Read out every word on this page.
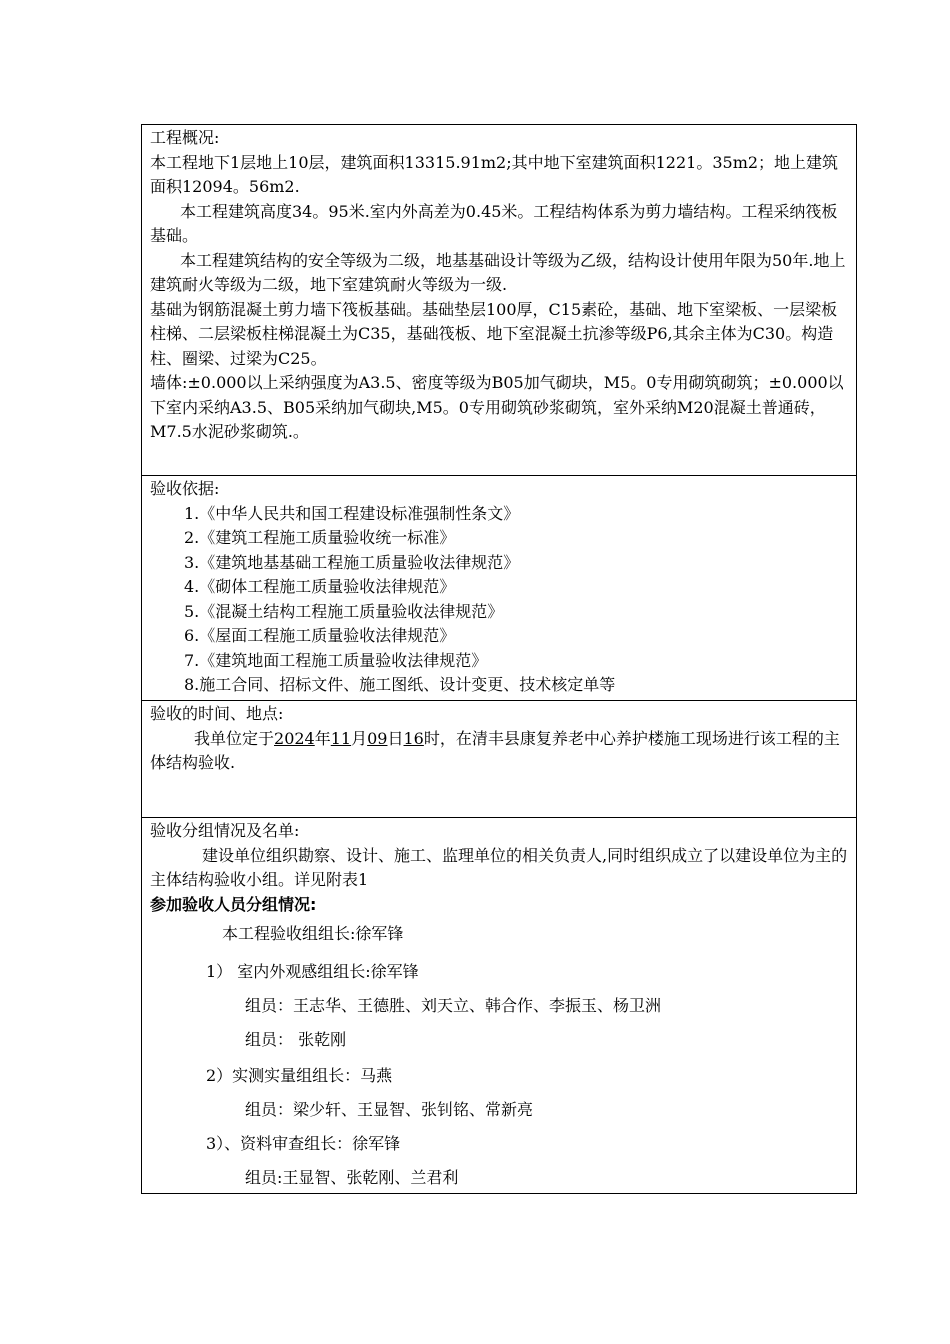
工程概况:

本工程地下1层地上10层，建筑面积13315.91m2;其中地下室建筑面积1221。35m2；地上建筑面积12094。56m2.

本工程建筑高度34。95米.室内外高差为0.45米。工程结构体系为剪力墙结构。工程采纳筏板基础。

本工程建筑结构的安全等级为二级，地基基础设计等级为乙级，结构设计使用年限为50年.地上建筑耐火等级为二级，地下室建筑耐火等级为一级.

基础为钢筋混凝土剪力墙下筏板基础。基础垫层100厚，C15素砼，基础、地下室梁板、一层梁板柱梯、二层梁板柱梯混凝土为C35，基础筏板、地下室混凝土抗渗等级P6,其余主体为C30。构造柱、圈梁、过梁为C25。

墙体:±0.000以上采纳强度为A3.5、密度等级为B05加气砌块，M5。0专用砌筑砌筑；±0.000以下室内采纳A3.5、B05采纳加气砌块,M5。0专用砌筑砂浆砌筑，室外采纳M20混凝土普通砖，M7.5水泥砂浆砌筑.。

验收依据:

1.《中华人民共和国工程建设标准强制性条文》

2.《建筑工程施工质量验收统一标准》

3.《建筑地基基础工程施工质量验收法律规范》

4.《砌体工程施工质量验收法律规范》

5.《混凝土结构工程施工质量验收法律规范》

6.《屋面工程施工质量验收法律规范》

7.《建筑地面工程施工质量验收法律规范》

8.施工合同、招标文件、施工图纸、设计变更、技术核定单等

验收的时间、地点:

我单位定于2024年11月09日16时，在清丰县康复养老中心养护楼施工现场进行该工程的主体结构验收.

验收分组情况及名单:

建设单位组织勘察、设计、施工、监理单位的相关负责人,同时组织成立了以建设单位为主的主体结构验收小组。详见附表1

参加验收人员分组情况:

本工程验收组组长:徐军锋
1） 室内外观感组组长:徐军锋
组员：王志华、王德胜、刘天立、韩合作、李振玉、杨卫洲
组员： 张乾刚
2）实测实量组组长：马燕
组员：梁少轩、王显智、张钊铭、常新亮
3）、资料审查组长：徐军锋
组员:王显智、张乾刚、兰君利
